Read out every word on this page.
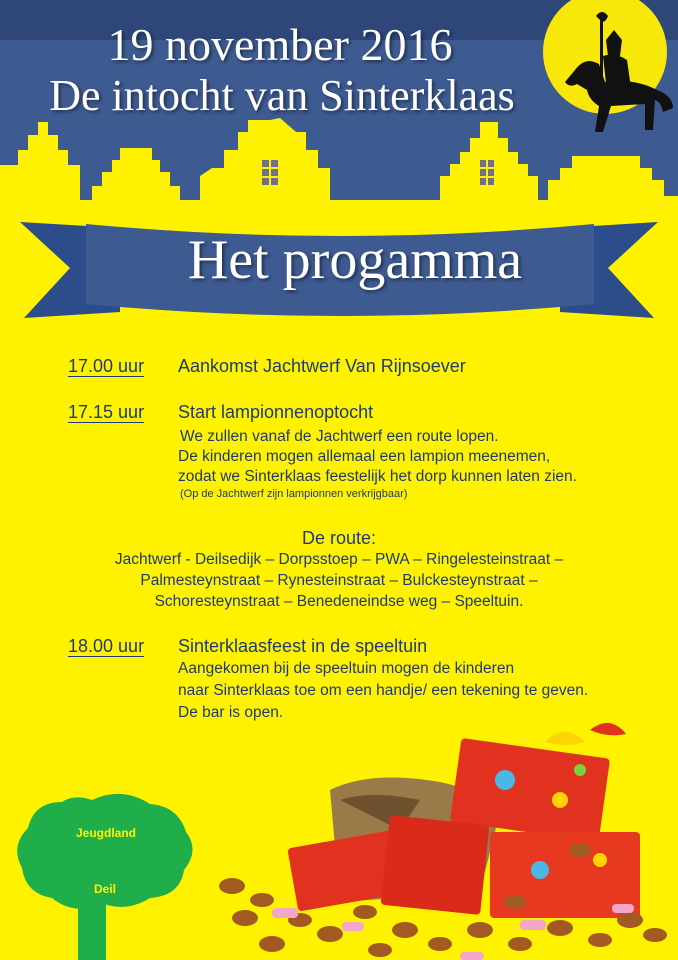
19 november 2016
De intocht van Sinterklaas
Het progamma
17.00 uur	Aankomst Jachtwerf Van Rijnsoever
17.15 uur	Start lampionnenoptocht
We zullen vanaf de Jachtwerf een route lopen.
De kinderen mogen allemaal een lampion meenemen,
zodat we Sinterklaas feestelijk het dorp kunnen laten zien.
(Op de Jachtwerf zijn lampionnen verkrijgbaar)
De route:
Jachtwerf - Deilsedijk – Dorpsstoep – PWA – Ringelesteinstraat –
Palmesteynstraat – Rynesteinstraat – Bulckesteynstraat –
Schoresteynstraat – Benedeneindse weg – Speeltuin.
18.00 uur	Sinterklaasfeest in de speeltuin
Aangekomen bij de speeltuin mogen de kinderen
naar Sinterklaas toe om een handje/ een tekening te geven.
De bar is open.
Jeugdland
Deil
